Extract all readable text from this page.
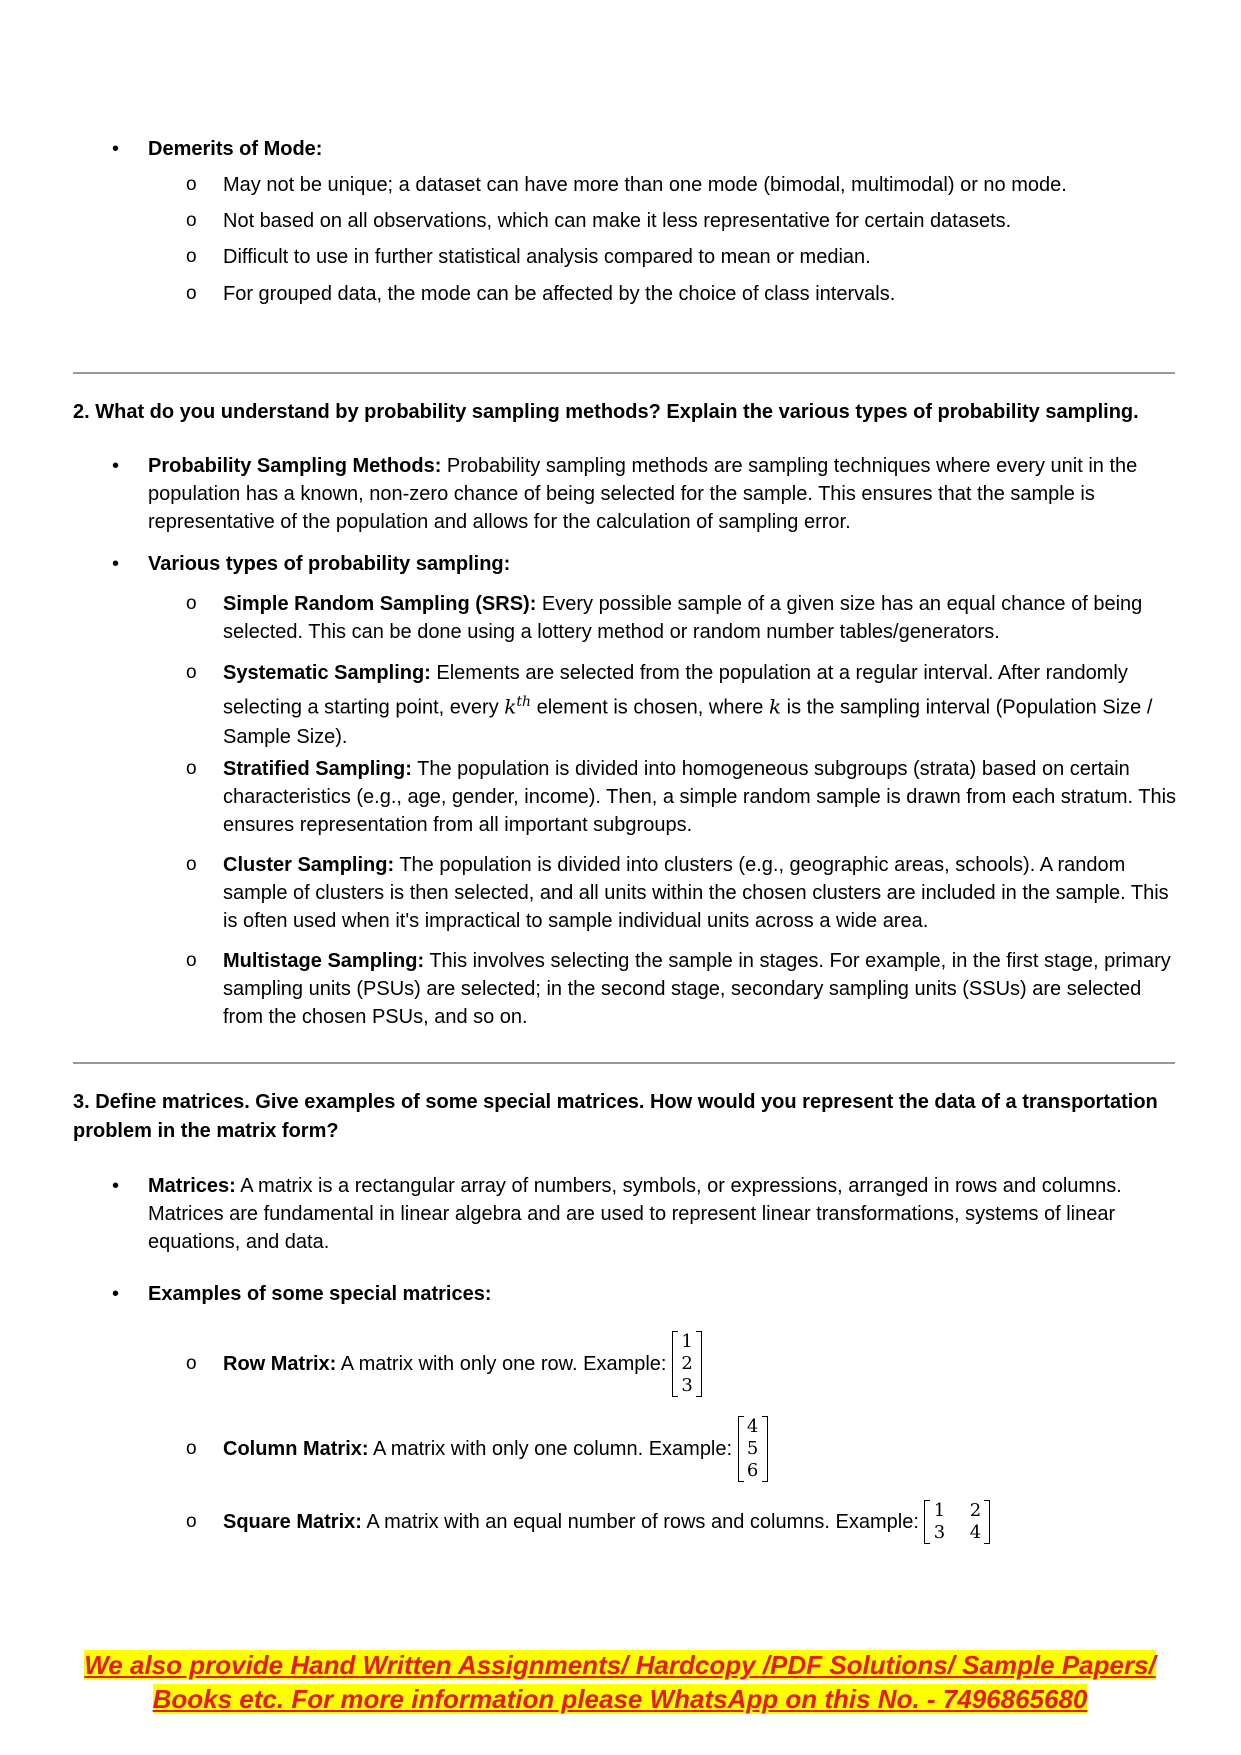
• Demerits of Mode:
o May not be unique; a dataset can have more than one mode (bimodal, multimodal) or no mode.
o Not based on all observations, which can make it less representative for certain datasets.
o Difficult to use in further statistical analysis compared to mean or median.
o For grouped data, the mode can be affected by the choice of class intervals.
2. What do you understand by probability sampling methods? Explain the various types of probability sampling.
• Probability Sampling Methods: Probability sampling methods are sampling techniques where every unit in the population has a known, non-zero chance of being selected for the sample. This ensures that the sample is representative of the population and allows for the calculation of sampling error.
• Various types of probability sampling:
o Simple Random Sampling (SRS): Every possible sample of a given size has an equal chance of being selected. This can be done using a lottery method or random number tables/generators.
o Systematic Sampling: Elements are selected from the population at a regular interval. After randomly selecting a starting point, every $k^{th}$ element is chosen, where k is the sampling interval (Population Size / Sample Size).
o Stratified Sampling: The population is divided into homogeneous subgroups (strata) based on certain characteristics (e.g., age, gender, income). Then, a simple random sample is drawn from each stratum. This ensures representation from all important subgroups.
o Cluster Sampling: The population is divided into clusters (e.g., geographic areas, schools). A random sample of clusters is then selected, and all units within the chosen clusters are included in the sample. This is often used when it's impractical to sample individual units across a wide area.
o Multistage Sampling: This involves selecting the sample in stages. For example, in the first stage, primary sampling units (PSUs) are selected; in the second stage, secondary sampling units (SSUs) are selected from the chosen PSUs, and so on.
3. Define matrices. Give examples of some special matrices. How would you represent the data of a transportation problem in the matrix form?
• Matrices: A matrix is a rectangular array of numbers, symbols, or expressions, arranged in rows and columns. Matrices are fundamental in linear algebra and are used to represent linear transformations, systems of linear equations, and data.
• Examples of some special matrices:
o Row Matrix: A matrix with only one row. Example:
1
2
3
o Column Matrix: A matrix with only one column. Example:
4
5
6
o Square Matrix: A matrix with an equal number of rows and columns. Example:
1 2
3 4
We also provide Hand Written Assignments/ Hardcopy /PDF Solutions/ Sample Papers/
Books etc. For more information please WhatsApp on this No. - 7496865680
